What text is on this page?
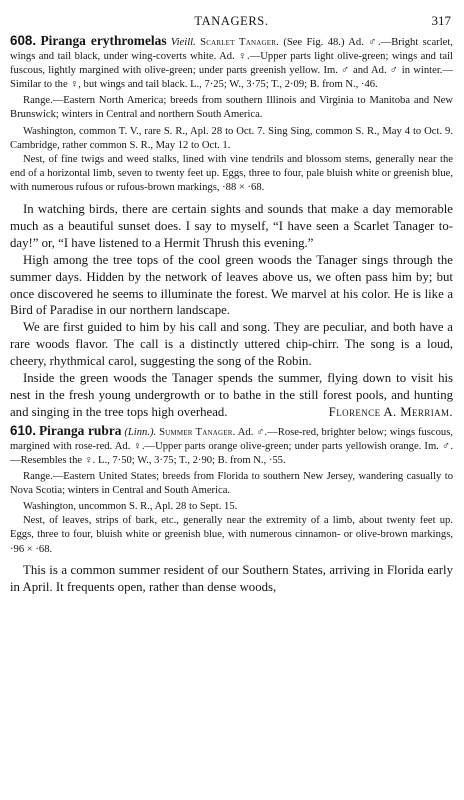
TANAGERS.	317

608. Piranga erythromelas Vieill. Scarlet Tanager. (See Fig. 48.) Ad. ♂.—Bright scarlet, wings and tail black, under wing-coverts white. Ad. ♀.—Upper parts light olive-green; wings and tail fuscous, lightly margined with olive-green; under parts greenish yellow. Im. ♂ and Ad. ♂ in winter.—Similar to the ♀, but wings and tail black. L., 7·25; W., 3·75; T., 2·09; B. from N., ·46.

Range.—Eastern North America; breeds from southern Illinois and Virginia to Manitoba and New Brunswick; winters in Central and northern South America.

Washington, common T. V., rare S. R., Apl. 28 to Oct. 7. Sing Sing, common S. R., May 4 to Oct. 9. Cambridge, rather common S. R., May 12 to Oct. 1.

Nest, of fine twigs and weed stalks, lined with vine tendrils and blossom stems, generally near the end of a horizontal limb, seven to twenty feet up. Eggs, three to four, pale bluish white or greenish blue, with numerous rufous or rufous-brown markings, ·88 × ·68.

In watching birds, there are certain sights and sounds that make a day memorable much as a beautiful sunset does. I say to myself, “I have seen a Scarlet Tanager to-day!” or, “I have listened to a Hermit Thrush this evening.”

High among the tree tops of the cool green woods the Tanager sings through the summer days. Hidden by the network of leaves above us, we often pass him by; but once discovered he seems to illuminate the forest. We marvel at his color. He is like a Bird of Paradise in our northern landscape.

We are first guided to him by his call and song. They are peculiar, and both have a rare woods flavor. The call is a distinctly uttered chip-chirr. The song is a loud, cheery, rhythmical carol, suggesting the song of the Robin.

Inside the green woods the Tanager spends the summer, flying down to visit his nest in the fresh young undergrowth or to bathe in the still forest pools, and hunting and singing in the tree tops high overhead.	Florence A. Merriam.

610. Piranga rubra (Linn.). Summer Tanager. Ad. ♂.—Rose-red, brighter below; wings fuscous, margined with rose-red. Ad. ♀.—Upper parts orange olive-green; under parts yellowish orange. Im. ♂.—Resembles the ♀. L., 7·50; W., 3·75; T., 2·90; B. from N., ·55.

Range.—Eastern United States; breeds from Florida to southern New Jersey, wandering casually to Nova Scotia; winters in Central and South America.

Washington, uncommon S. R., Apl. 28 to Sept. 15.

Nest, of leaves, strips of bark, etc., generally near the extremity of a limb, about twenty feet up. Eggs, three to four, bluish white or greenish blue, with numerous cinnamon- or olive-brown markings, ·96 × ·68.

This is a common summer resident of our Southern States, arriving in Florida early in April. It frequents open, rather than dense woods,
